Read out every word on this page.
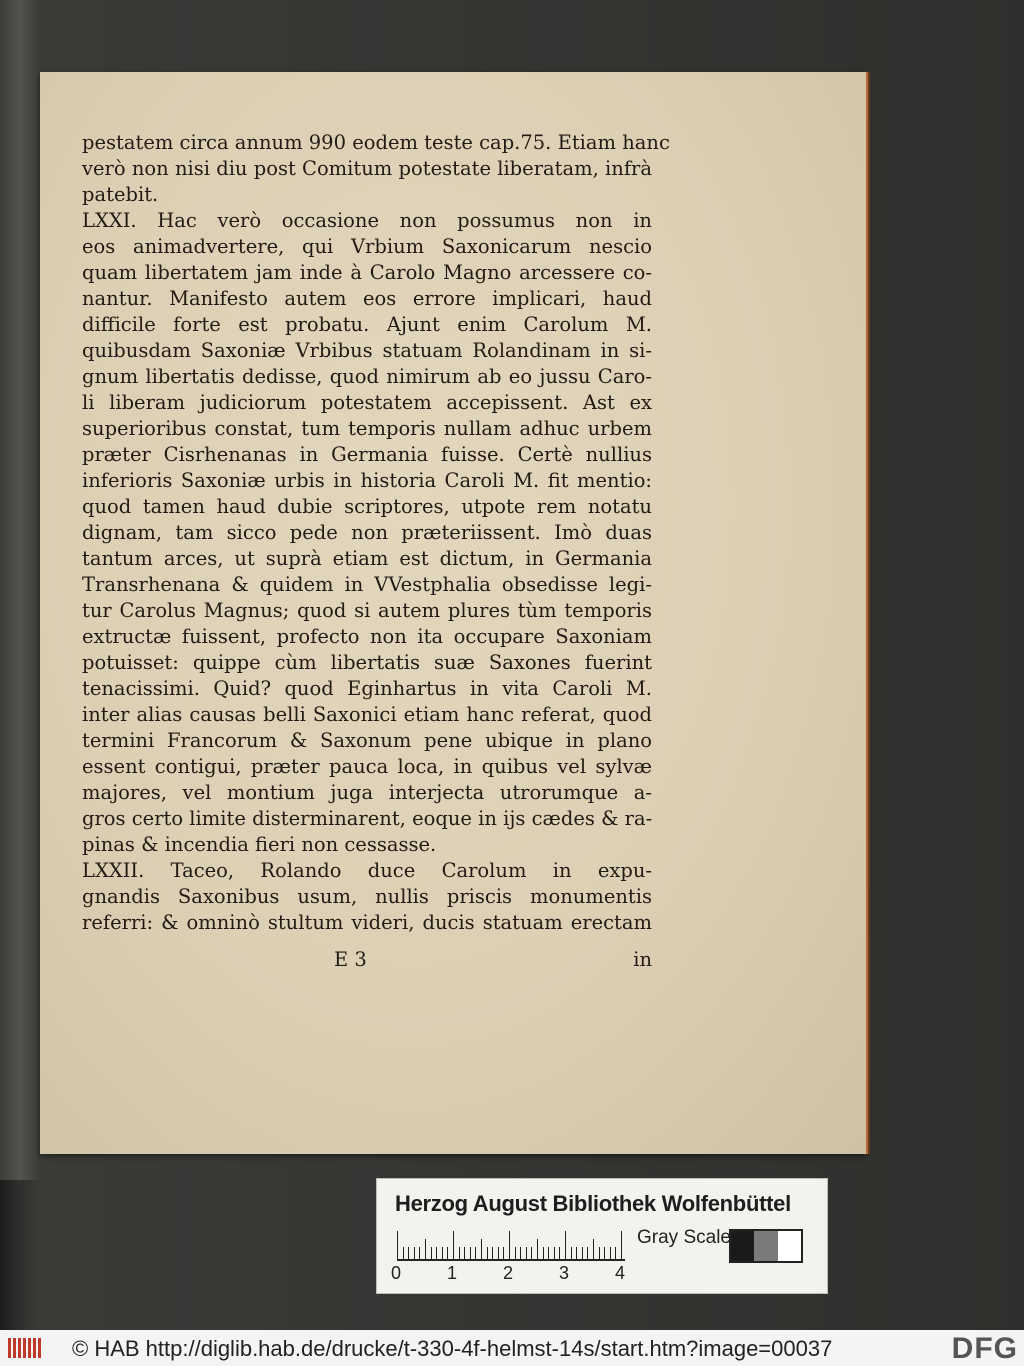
pestatem circa annum 990 eodem teste cap.75. Etiam hanc
verò non nisi diu post Comitum potestate liberatam, infrà
patebit.
LXXI. Hac verò occasione non possumus non in
eos animadvertere, qui Vrbium Saxonicarum nescio
quam libertatem jam inde à Carolo Magno arcessere co-
nantur. Manifesto autem eos errore implicari, haud
difficile forte est probatu. Ajunt enim Carolum M.
quibusdam Saxoniæ Vrbibus statuam Rolandinam in si-
gnum libertatis dedisse, quod nimirum ab eo jussu Caro-
li liberam judiciorum potestatem accepissent. Ast ex
superioribus constat, tum temporis nullam adhuc urbem
præter Cisrhenanas in Germania fuisse. Certè nullius
inferioris Saxoniæ urbis in historia Caroli M. fit mentio:
quod tamen haud dubie scriptores, utpote rem notatu
dignam, tam sicco pede non præteriissent. Imò duas
tantum arces, ut suprà etiam est dictum, in Germania
Transrhenana & quidem in VVestphalia obsedisse legi-
tur Carolus Magnus; quod si autem plures tùm temporis
extructæ fuissent, profecto non ita occupare Saxoniam
potuisset: quippe cùm libertatis suæ Saxones fuerint
tenacissimi. Quid? quod Eginhartus in vita Caroli M.
inter alias causas belli Saxonici etiam hanc referat, quod
termini Francorum & Saxonum pene ubique in plano
essent contigui, præter pauca loca, in quibus vel sylvæ
majores, vel montium juga interjecta utrorumque a-
gros certo limite disterminarent, eoque in ijs cædes & ra-
pinas & incendia fieri non cessasse.
LXXII. Taceo, Rolando duce Carolum in expu-
gnandis Saxonibus usum, nullis priscis monumentis
referri: & omninò stultum videri, ducis statuam erectam
E 3	in
Herzog August Bibliothek Wolfenbüttel
0	1	2	3	4
Gray Scale
© HAB http://diglib.hab.de/drucke/t-330-4f-helmst-14s/start.htm?image=00037	DFG
